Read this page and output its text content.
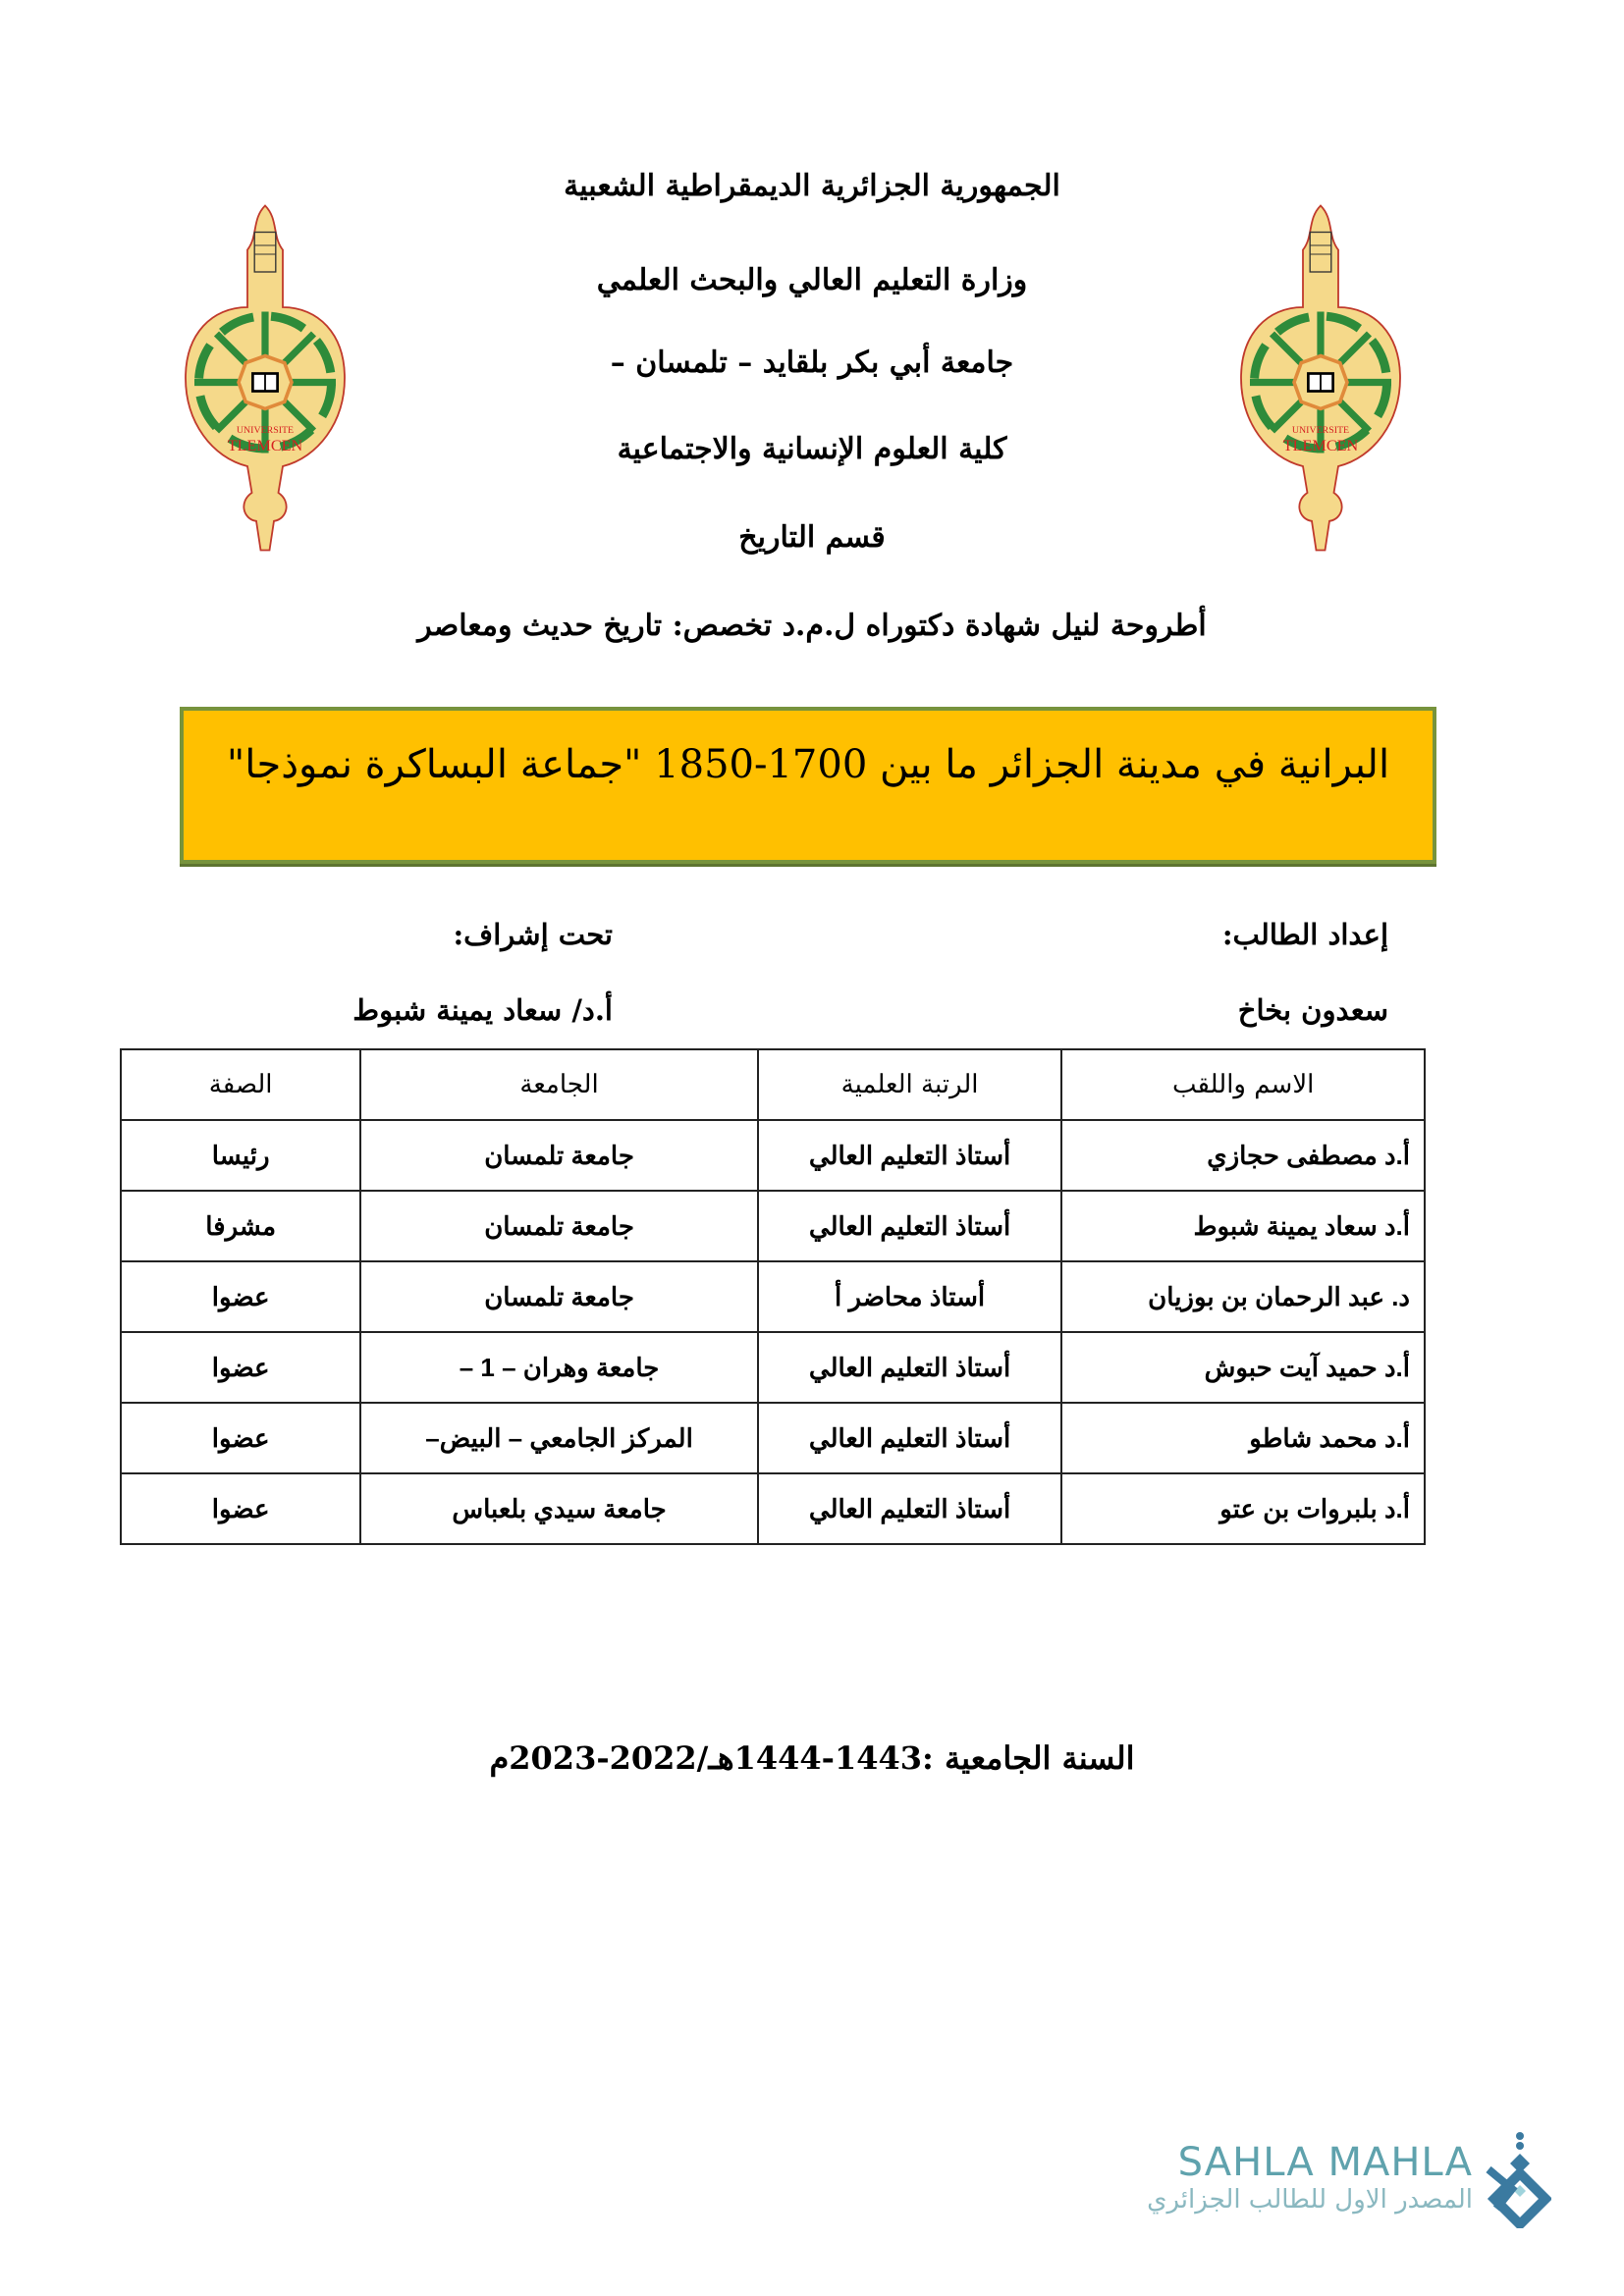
UNIVERSITE
TLEMCEN
UNIVERSITE
TLEMCEN
الجمهورية الجزائرية الديمقراطية الشعبية
وزارة التعليم العالي والبحث العلمي
جامعة أبي بكر بلقايد – تلمسان –
كلية العلوم الإنسانية والاجتماعية
قسم التاريخ
أطروحة لنيل شهادة دكتوراه ل.م.د تخصص: تاريخ حديث ومعاصر
البرانية في مدينة الجزائر ما بين 1700-1850 "جماعة البساكرة نموذجا"
إعداد الطالب:
سعدون بخاخ
تحت إشراف:
أ.د/ سعاد يمينة شبوط
الاسم واللقب	الرتبة العلمية	الجامعة	الصفة
أ.د مصطفى حجازي	أستاذ التعليم العالي	جامعة تلمسان	رئيسا
أ.د سعاد يمينة شبوط	أستاذ التعليم العالي	جامعة تلمسان	مشرفا
د. عبد الرحمان بن بوزيان	أستاذ محاضر أ	جامعة تلمسان	عضوا
أ.د حميد آيت حبوش	أستاذ التعليم العالي	جامعة وهران – 1 –	عضوا
أ.د محمد شاطو	أستاذ التعليم العالي	المركز الجامعي – البيض–	عضوا
أ.د بلبروات بن عتو	أستاذ التعليم العالي	جامعة سيدي بلعباس	عضوا
السنة الجامعية :1443-1444هـ/2022-2023م
SAHLA MAHLA
المصدر الاول للطالب الجزائري
